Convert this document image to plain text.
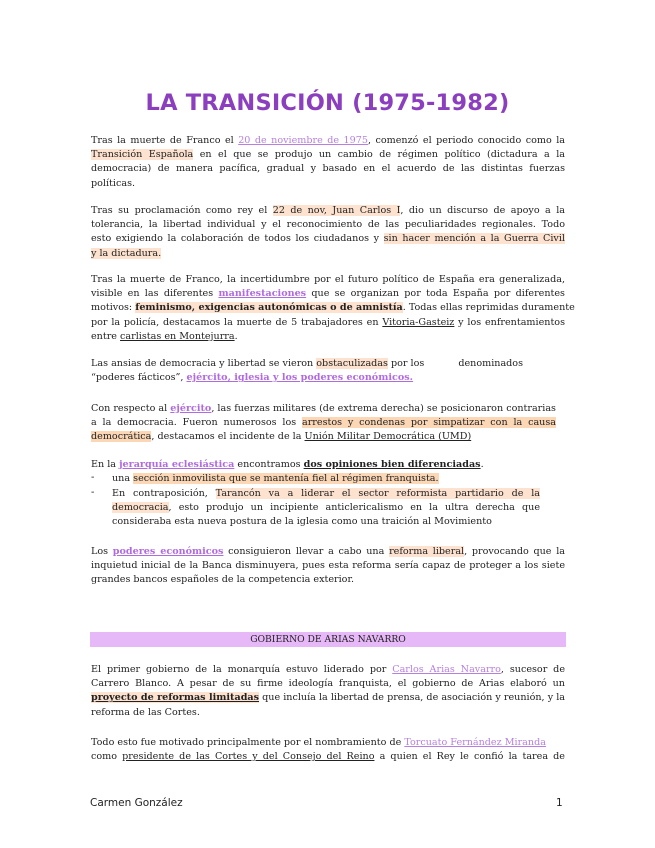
LA TRANSICIÓN (1975-1982)
Tras la muerte de Franco el 20 de noviembre de 1975, comenzó el periodo conocido como la
Transición Española en el que se produjo un cambio de régimen político (dictadura a la
democracia) de manera pacífica, gradual y basado en el acuerdo de las distintas fuerzas
políticas.
Tras su proclamación como rey el 22 de nov, Juan Carlos I, dio un discurso de apoyo a la
tolerancia, la libertad individual y el reconocimiento de las peculiaridades regionales. Todo
esto exigiendo la colaboración de todos los ciudadanos y sin hacer mención a la Guerra Civil
y la dictadura.
Tras la muerte de Franco, la incertidumbre por el futuro político de España era generalizada,
visible en las diferentes manifestaciones que se organizan por toda España por diferentes
motivos: feminismo, exigencias autonómicas o de amnistía. Todas ellas reprimidas duramente
por la policía, destacamos la muerte de 5 trabajadores en Vitoria-Gasteiz y los enfrentamientos
entre carlistas en Montejurra.
Las ansias de democracia y libertad se vieron obstaculizadas por los	denominados
“poderes fácticos”, ejército, iglesia y los poderes económicos.
Con respecto al ejército, las fuerzas militares (de extrema derecha) se posicionaron contrarias
a la democracia. Fueron numerosos los arrestos y condenas por simpatizar con la causa
democrática, destacamos el incidente de la Unión Militar Democrática (UMD)
En la jerarquía eclesiástica encontramos dos opiniones bien diferenciadas.
- una sección inmovilista que se mantenía fiel al régimen franquista.
- En contraposición, Tarancón va a liderar el sector reformista partidario de la
democracia, esto produjo un incipiente anticlericalismo en la ultra derecha que
consideraba esta nueva postura de la iglesia como una traición al Movimiento
Los poderes económicos consiguieron llevar a cabo una reforma liberal, provocando que la
inquietud inicial de la Banca disminuyera, pues esta reforma sería capaz de proteger a los siete
grandes bancos españoles de la competencia exterior.
GOBIERNO DE ARIAS NAVARRO
El primer gobierno de la monarquía estuvo liderado por Carlos Arias Navarro, sucesor de
Carrero Blanco. A pesar de su firme ideología franquista, el gobierno de Arias elaboró un
proyecto de reformas limitadas que incluía la libertad de prensa, de asociación y reunión, y la
reforma de las Cortes.
Todo esto fue motivado principalmente por el nombramiento de Torcuato Fernández Miranda
como presidente de las Cortes y del Consejo del Reino a quien el Rey le confió la tarea de
Carmen González	1
